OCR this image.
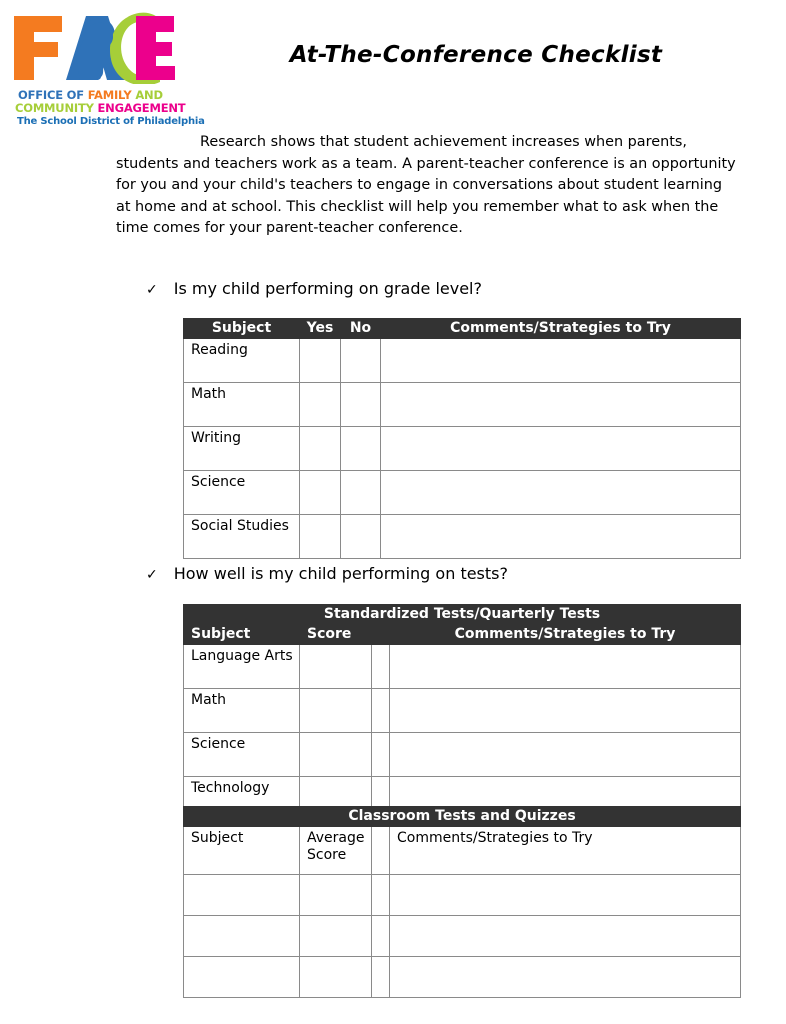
OFFICE OF FAMILY AND
COMMUNITY ENGAGEMENT
The School District of Philadelphia
At-The-Conference Checklist

Research shows that student achievement increases when parents, students and teachers work as a team. A parent-teacher conference is an opportunity for you and your child's teachers to engage in conversations about student learning at home and at school. This checklist will help you remember what to ask when the time comes for your parent-teacher conference.

✓ Is my child performing on grade level?
Subject	Yes	No	Comments/Strategies to Try
Reading			
Math			
Writing			
Science			
Social Studies			
✓ How well is my child performing on tests?
Standardized Tests/Quarterly Tests			
Subject	Score		Comments/Strategies to Try
Language Arts			
Math			
Science			
Technology			
Classroom Tests and Quizzes			
Subject	Average Score		Comments/Strategies to Try
